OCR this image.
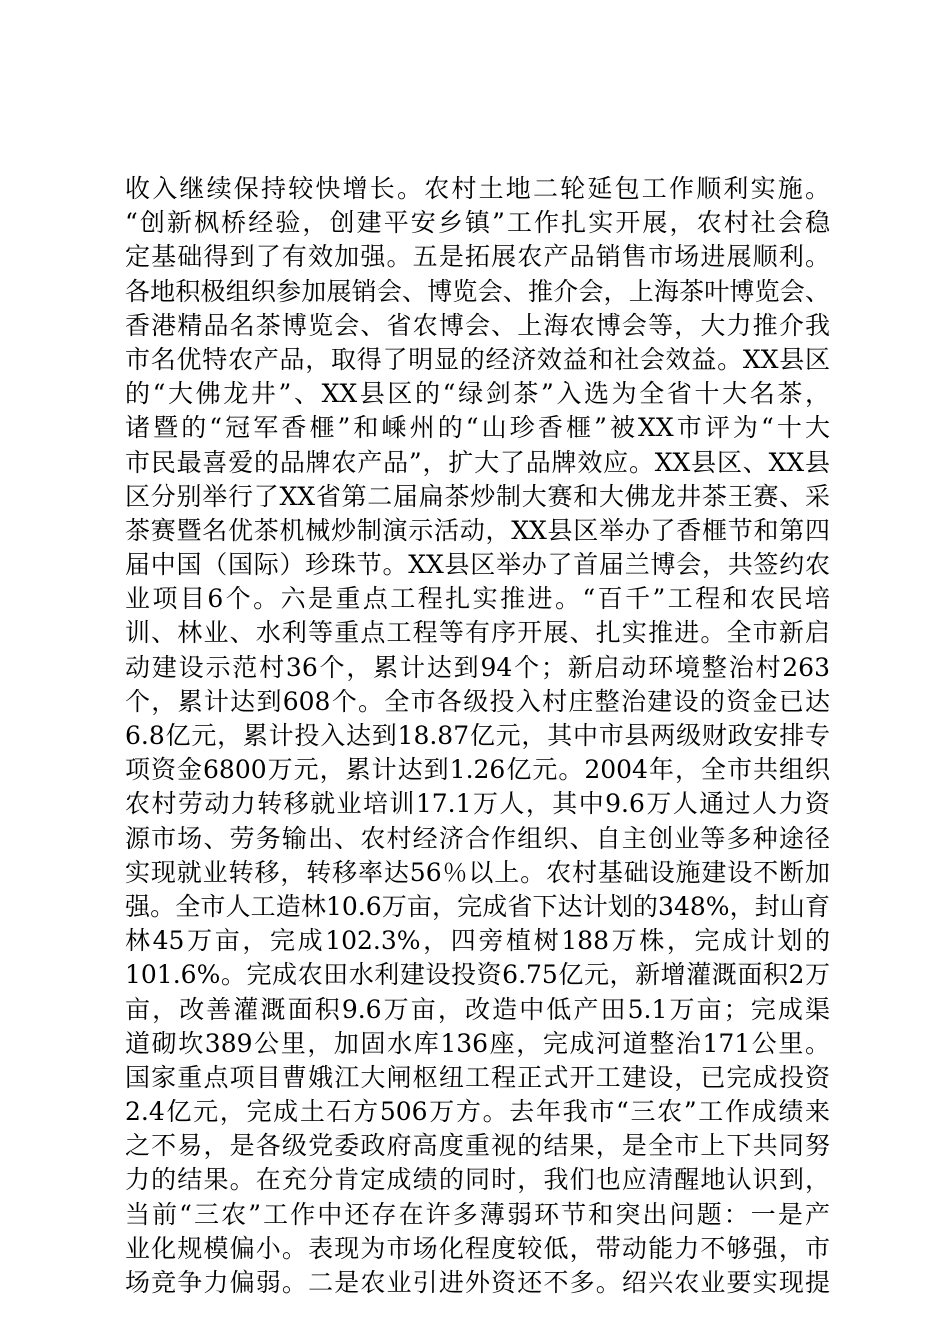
收入继续保持较快增长。农村土地二轮延包工作顺利实施。
“创新枫桥经验，创建平安乡镇”工作扎实开展，农村社会稳
定基础得到了有效加强。五是拓展农产品销售市场进展顺利。
各地积极组织参加展销会、博览会、推介会，上海茶叶博览会、
香港精品名茶博览会、省农博会、上海农博会等，大力推介我
市名优特农产品，取得了明显的经济效益和社会效益。XX县区
的“大佛龙井”、XX县区的“绿剑茶”入选为全省十大名茶，
诸暨的“冠军香榧”和嵊州的“山珍香榧”被XX市评为“十大
市民最喜爱的品牌农产品”，扩大了品牌效应。XX县区、XX县
区分别举行了XX省第二届扁茶炒制大赛和大佛龙井茶王赛、采
茶赛暨名优茶机械炒制演示活动，XX县区举办了香榧节和第四
届中国（国际）珍珠节。XX县区举办了首届兰博会，共签约农
业项目6个。六是重点工程扎实推进。“百千”工程和农民培
训、林业、水利等重点工程等有序开展、扎实推进。全市新启
动建设示范村36个，累计达到94个；新启动环境整治村263
个，累计达到608个。全市各级投入村庄整治建设的资金已达
6.8亿元，累计投入达到18.87亿元，其中市县两级财政安排专
项资金6800万元，累计达到1.26亿元。2004年，全市共组织
农村劳动力转移就业培训17.1万人，其中9.6万人通过人力资
源市场、劳务输出、农村经济合作组织、自主创业等多种途径
实现就业转移，转移率达56％以上。农村基础设施建设不断加
强。全市人工造林10.6万亩，完成省下达计划的348%，封山育
林45万亩，完成102.3%，四旁植树188万株，完成计划的
101.6%。完成农田水利建设投资6.75亿元，新增灌溉面积2万
亩，改善灌溉面积9.6万亩，改造中低产田5.1万亩；完成渠
道砌坎389公里，加固水库136座，完成河道整治171公里。
国家重点项目曹娥江大闸枢纽工程正式开工建设，已完成投资
2.4亿元，完成土石方506万方。去年我市“三农”工作成绩来
之不易，是各级党委政府高度重视的结果，是全市上下共同努
力的结果。在充分肯定成绩的同时，我们也应清醒地认识到，
当前“三农”工作中还存在许多薄弱环节和突出问题：一是产
业化规模偏小。表现为市场化程度较低，带动能力不够强，市
场竞争力偏弱。二是农业引进外资还不多。绍兴农业要实现提
